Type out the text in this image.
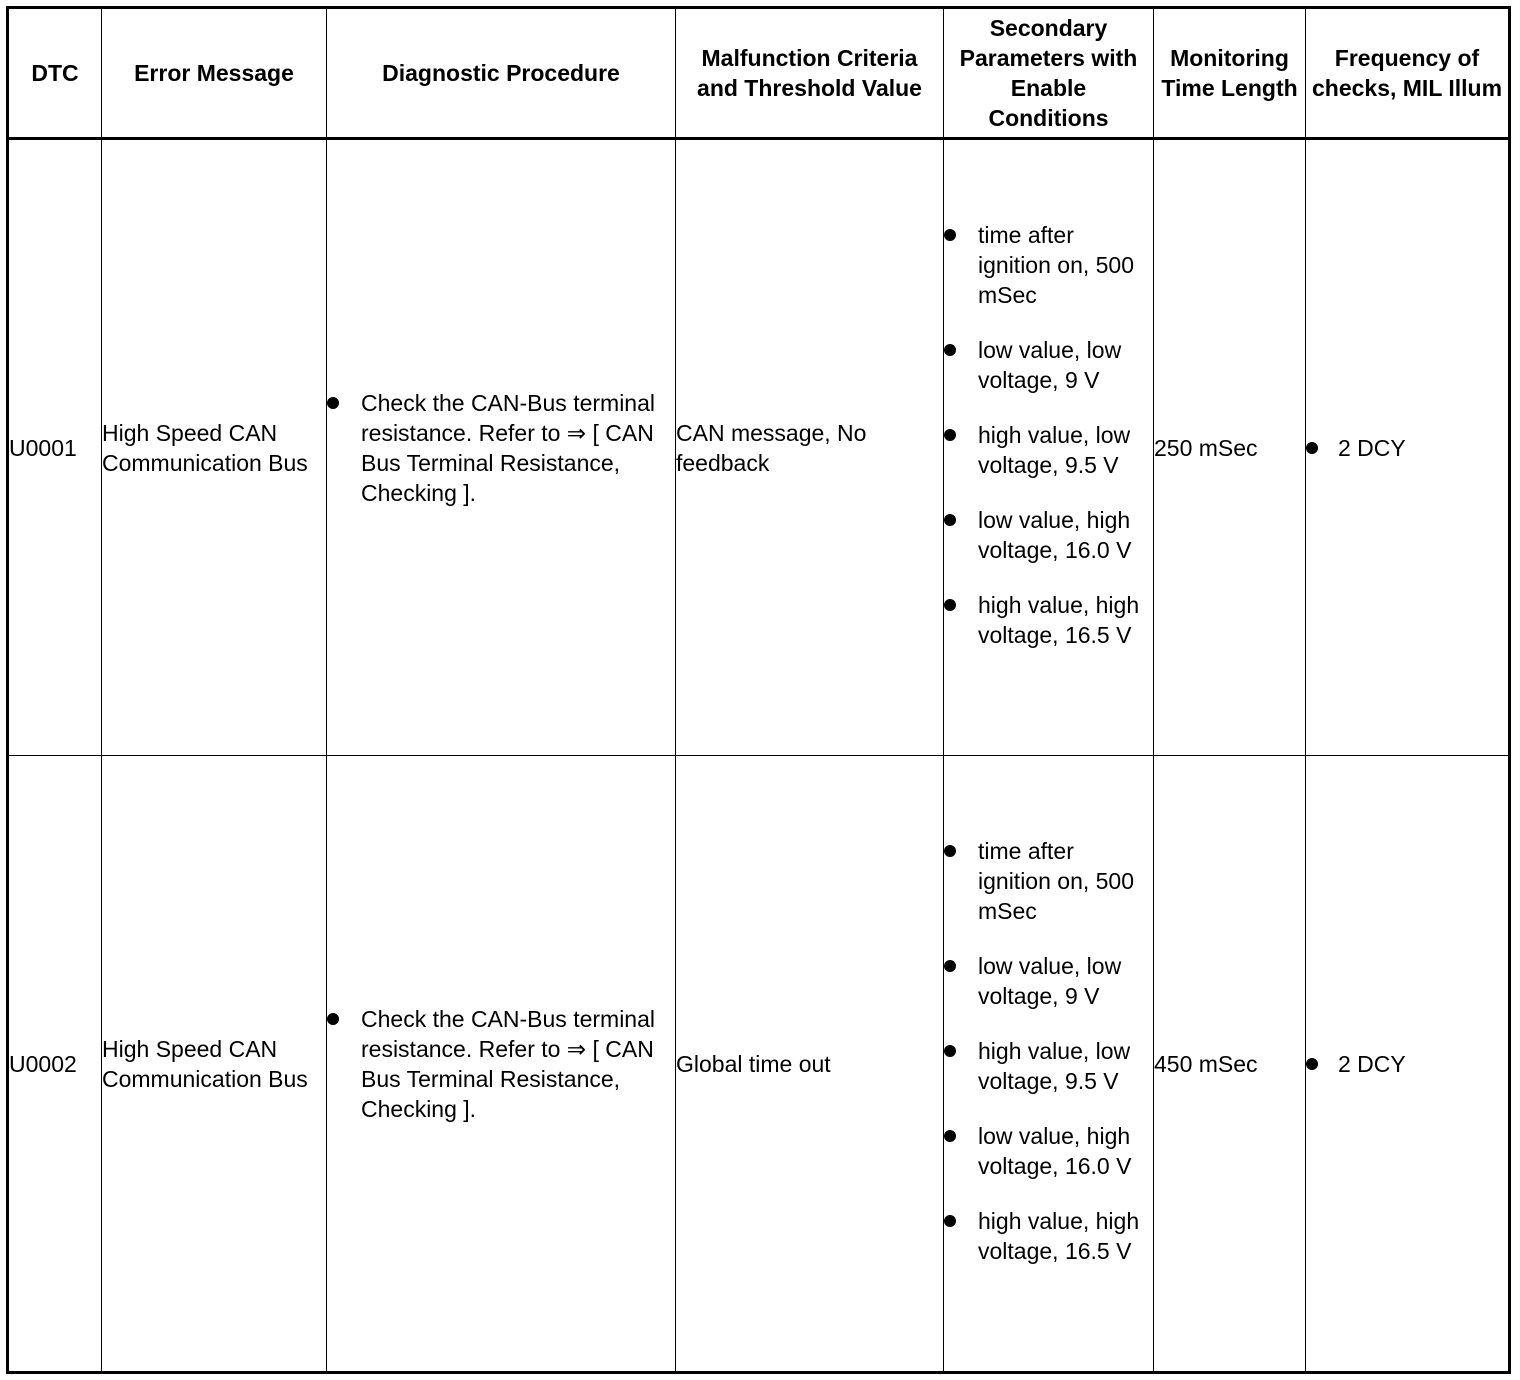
DTC	Error Message	Diagnostic Procedure	Malfunction Criteria and Threshold Value	Secondary Parameters with Enable Conditions	Monitoring Time Length	Frequency of checks, MIL Illum
U0001	High Speed CAN Communication Bus	Check the CAN-Bus terminal resistance. Refer to ⇒ [ CAN Bus Terminal Resistance, Checking ].	CAN message, No feedback	time after ignition on, 500 mSec
low value, low voltage, 9 V
high value, low voltage, 9.5 V
low value, high voltage, 16.0 V
high value, high voltage, 16.5 V	250 mSec	2 DCY

U0002	High Speed CAN Communication Bus	Check the CAN-Bus terminal resistance. Refer to ⇒ [ CAN Bus Terminal Resistance, Checking ].	Global time out	time after ignition on, 500 mSec
low value, low voltage, 9 V
high value, low voltage, 9.5 V
low value, high voltage, 16.0 V
high value, high voltage, 16.5 V	450 mSec	2 DCY
